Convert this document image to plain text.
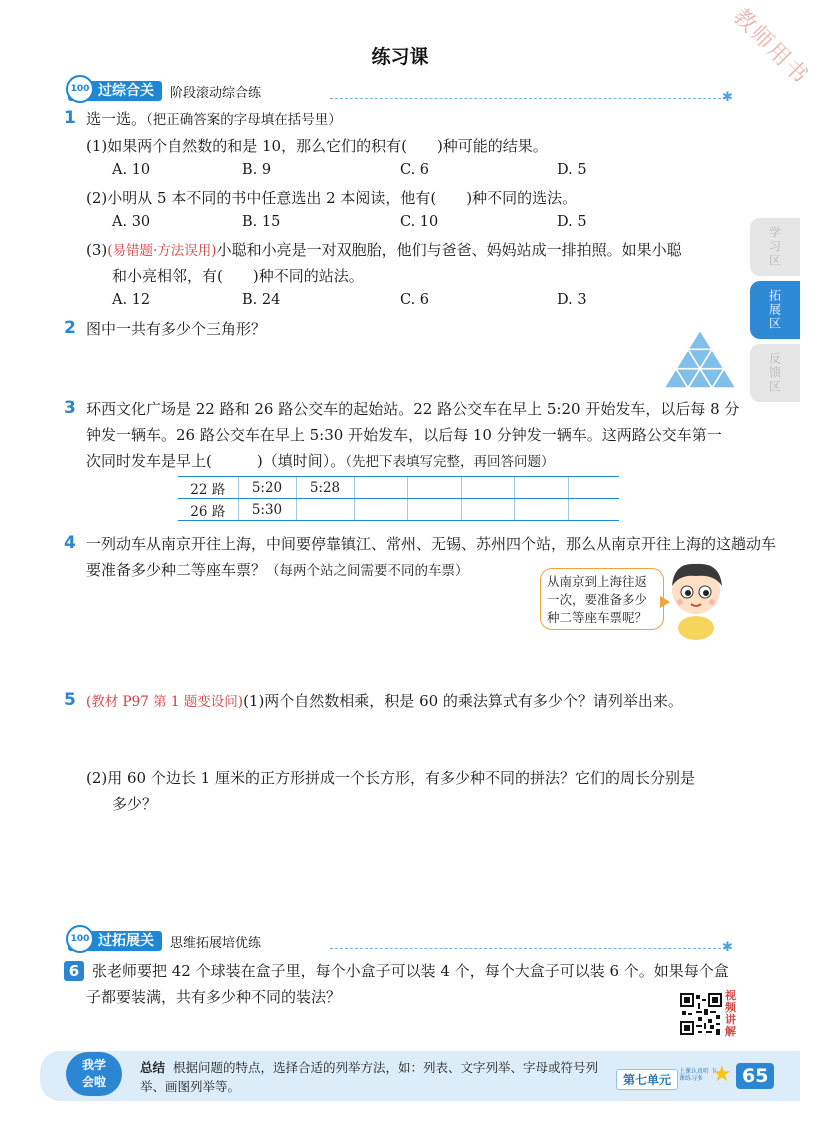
教师用书
练习课
100 过综合关	阶段滚动综合练	✱
1 选一选。（把正确答案的字母填在括号里）
(1)如果两个自然数的和是 10，那么它们的积有(　　)种可能的结果。
A. 10	B. 9	C. 6	D. 5
(2)小明从 5 本不同的书中任意选出 2 本阅读，他有(　　)种不同的选法。
A. 30	B. 15	C. 10	D. 5
(3)(易错题·方法误用)小聪和小亮是一对双胞胎，他们与爸爸、妈妈站成一排拍照。如果小聪
和小亮相邻，有(　　)种不同的站法。
A. 12	B. 24	C. 6	D. 3
2 图中一共有多少个三角形？
3 环西文化广场是 22 路和 26 路公交车的起始站。22 路公交车在早上 5:20 开始发车，以后每 8 分
钟发一辆车。26 路公交车在早上 5:30 开始发车，以后每 10 分钟发一辆车。这两路公交车第一
次同时发车是早上(　　　)（填时间）。（先把下表填写完整，再回答问题）
22 路	5:20	5:28					
26 路	5:30						
4 一列动车从南京开往上海，中间要停靠镇江、常州、无锡、苏州四个站，那么从南京开往上海的这趟动车
要准备多少种二等座车票？（每两个站之间需要不同的车票）
从南京到上海往返一次，要准备多少种二等座车票呢？
5 (教材 P97 第 1 题变设问)(1)两个自然数相乘，积是 60 的乘法算式有多少个？请列举出来。
(2)用 60 个边长 1 厘米的正方形拼成一个长方形，有多少种不同的拼法？它们的周长分别是
多少？
100 过拓展关	思维拓展培优练	✱
6 张老师要把 42 个球装在盒子里，每个小盒子可以装 4 个，每个大盒子可以装 6 个。如果每个盒
子都要装满，共有多少种不同的装法？	视频讲解
学习区
拓展区
反馈区
我学
会啦
总结 根据问题的特点，选择合适的列举方法，如：列表、文字列举、字母或符号列举、画图列举等。	第七单元
上课认真听 下课练习多 ★ 65
